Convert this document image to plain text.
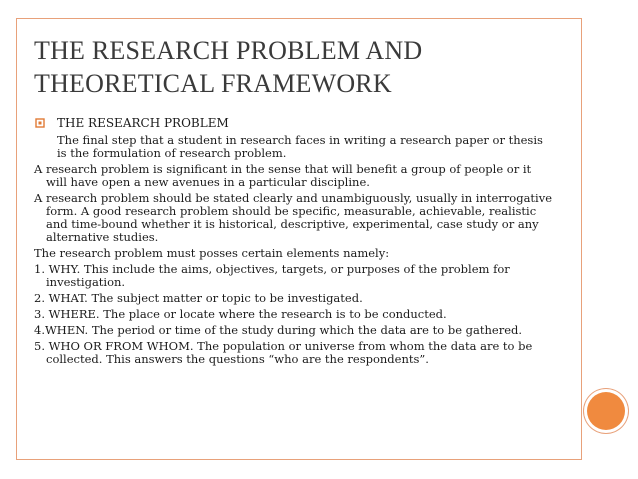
THE RESEARCH PROBLEM AND
THEORETICAL FRAMEWORK
THE RESEARCH PROBLEM
The final step that a student in research faces in writing a research paper or thesis is the formulation of research problem.
A research problem is significant in the sense that will benefit a group of people or it will have open a new avenues in a particular discipline.
A research problem should be stated clearly and unambiguously, usually in interrogative form. A good research problem should be specific, measurable, achievable, realistic and time-bound whether it is historical, descriptive, experimental, case study or any alternative studies.
The research problem must posses certain elements namely:
1. WHY. This include the aims, objectives, targets, or purposes of the problem for investigation.
2. WHAT. The subject matter or topic to be investigated.
3. WHERE. The place or locate where the research is to be conducted.
4.WHEN. The period or time of the study during which the data are to be gathered.
5. WHO OR FROM WHOM. The population or universe from whom the data are to be collected. This answers the questions “who are the respondents”.
